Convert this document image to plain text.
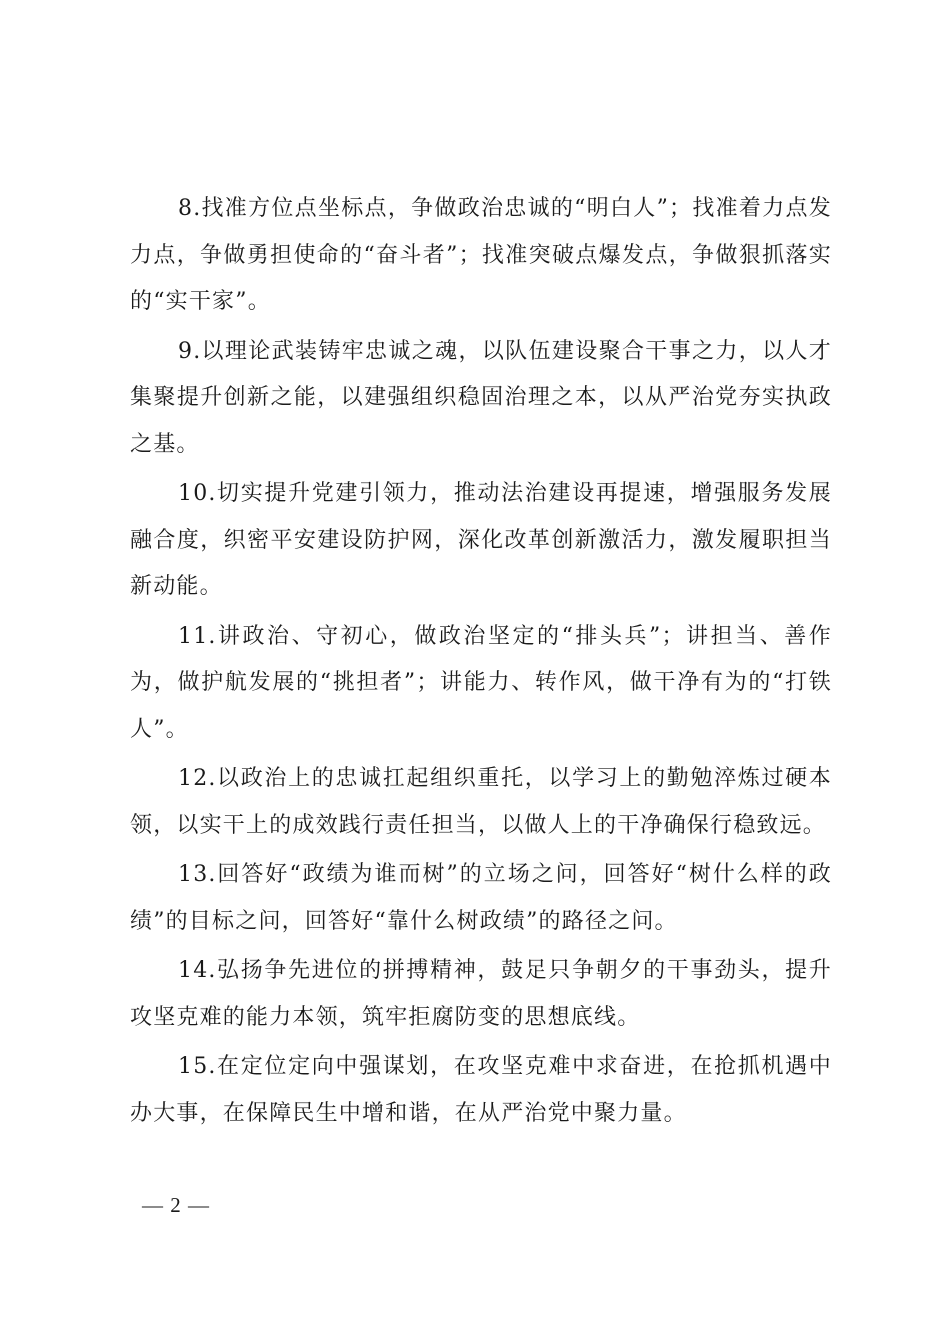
8.找准方位点坐标点，争做政治忠诚的“明白人”；找准着力点发力点，争做勇担使命的“奋斗者”；找准突破点爆发点，争做狠抓落实的“实干家”。

9.以理论武装铸牢忠诚之魂，以队伍建设聚合干事之力，以人才集聚提升创新之能，以建强组织稳固治理之本，以从严治党夯实执政之基。

10.切实提升党建引领力，推动法治建设再提速，增强服务发展融合度，织密平安建设防护网，深化改革创新激活力，激发履职担当新动能。

11.讲政治、守初心，做政治坚定的“排头兵”；讲担当、善作为，做护航发展的“挑担者”；讲能力、转作风，做干净有为的“打铁人”。

12.以政治上的忠诚扛起组织重托，以学习上的勤勉淬炼过硬本领，以实干上的成效践行责任担当，以做人上的干净确保行稳致远。

13.回答好“政绩为谁而树”的立场之问，回答好“树什么样的政绩”的目标之问，回答好“靠什么树政绩”的路径之问。

14.弘扬争先进位的拼搏精神，鼓足只争朝夕的干事劲头，提升攻坚克难的能力本领，筑牢拒腐防变的思想底线。

15.在定位定向中强谋划，在攻坚克难中求奋进，在抢抓机遇中办大事，在保障民生中增和谐，在从严治党中聚力量。

— 2 —
